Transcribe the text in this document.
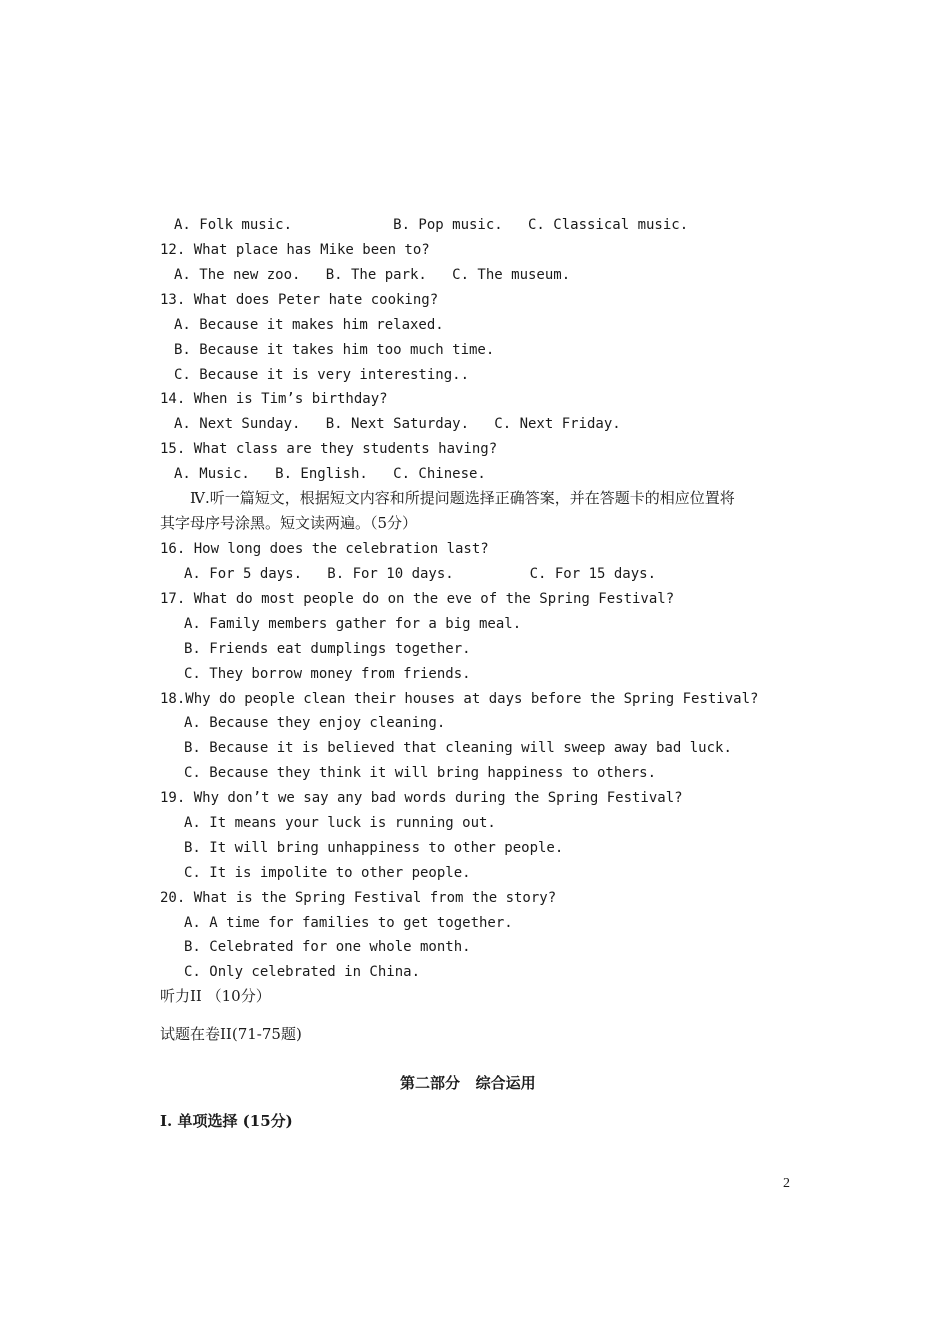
A. Folk music.            B. Pop music.   C. Classical music.
12. What place has Mike been to?
A. The new zoo.   B. The park.   C. The museum.
13. What does Peter hate cooking?
A. Because it makes him relaxed.
B. Because it takes him too much time.
C. Because it is very interesting..
14. When is Tim’s birthday?
A. Next Sunday.   B. Next Saturday.   C. Next Friday.
15. What class are they students having?
A. Music.   B. English.   C. Chinese.
Ⅳ.听一篇短文，根据短文内容和所提问题选择正确答案，并在答题卡的相应位置将
其字母序号涂黑。短文读两遍。（5分）
16. How long does the celebration last?
A. For 5 days.   B. For 10 days.         C. For 15 days.
17. What do most people do on the eve of the Spring Festival?
A. Family members gather for a big meal.
B. Friends eat dumplings together.
C. They borrow money from friends.
18.Why do people clean their houses at days before the Spring Festival?
A. Because they enjoy cleaning.
B. Because it is believed that cleaning will sweep away bad luck.
C. Because they think it will bring happiness to others.
19. Why don’t we say any bad words during the Spring Festival?
A. It means your luck is running out.
B. It will bring unhappiness to other people.
C. It is impolite to other people.
20. What is the Spring Festival from the story?
A. A time for families to get together.
B. Celebrated for one whole month.
C. Only celebrated in China.
听力II （10分）
试题在卷II(71-75题)
第二部分   综合运用
Ⅰ. 单项选择 (15分)
2
